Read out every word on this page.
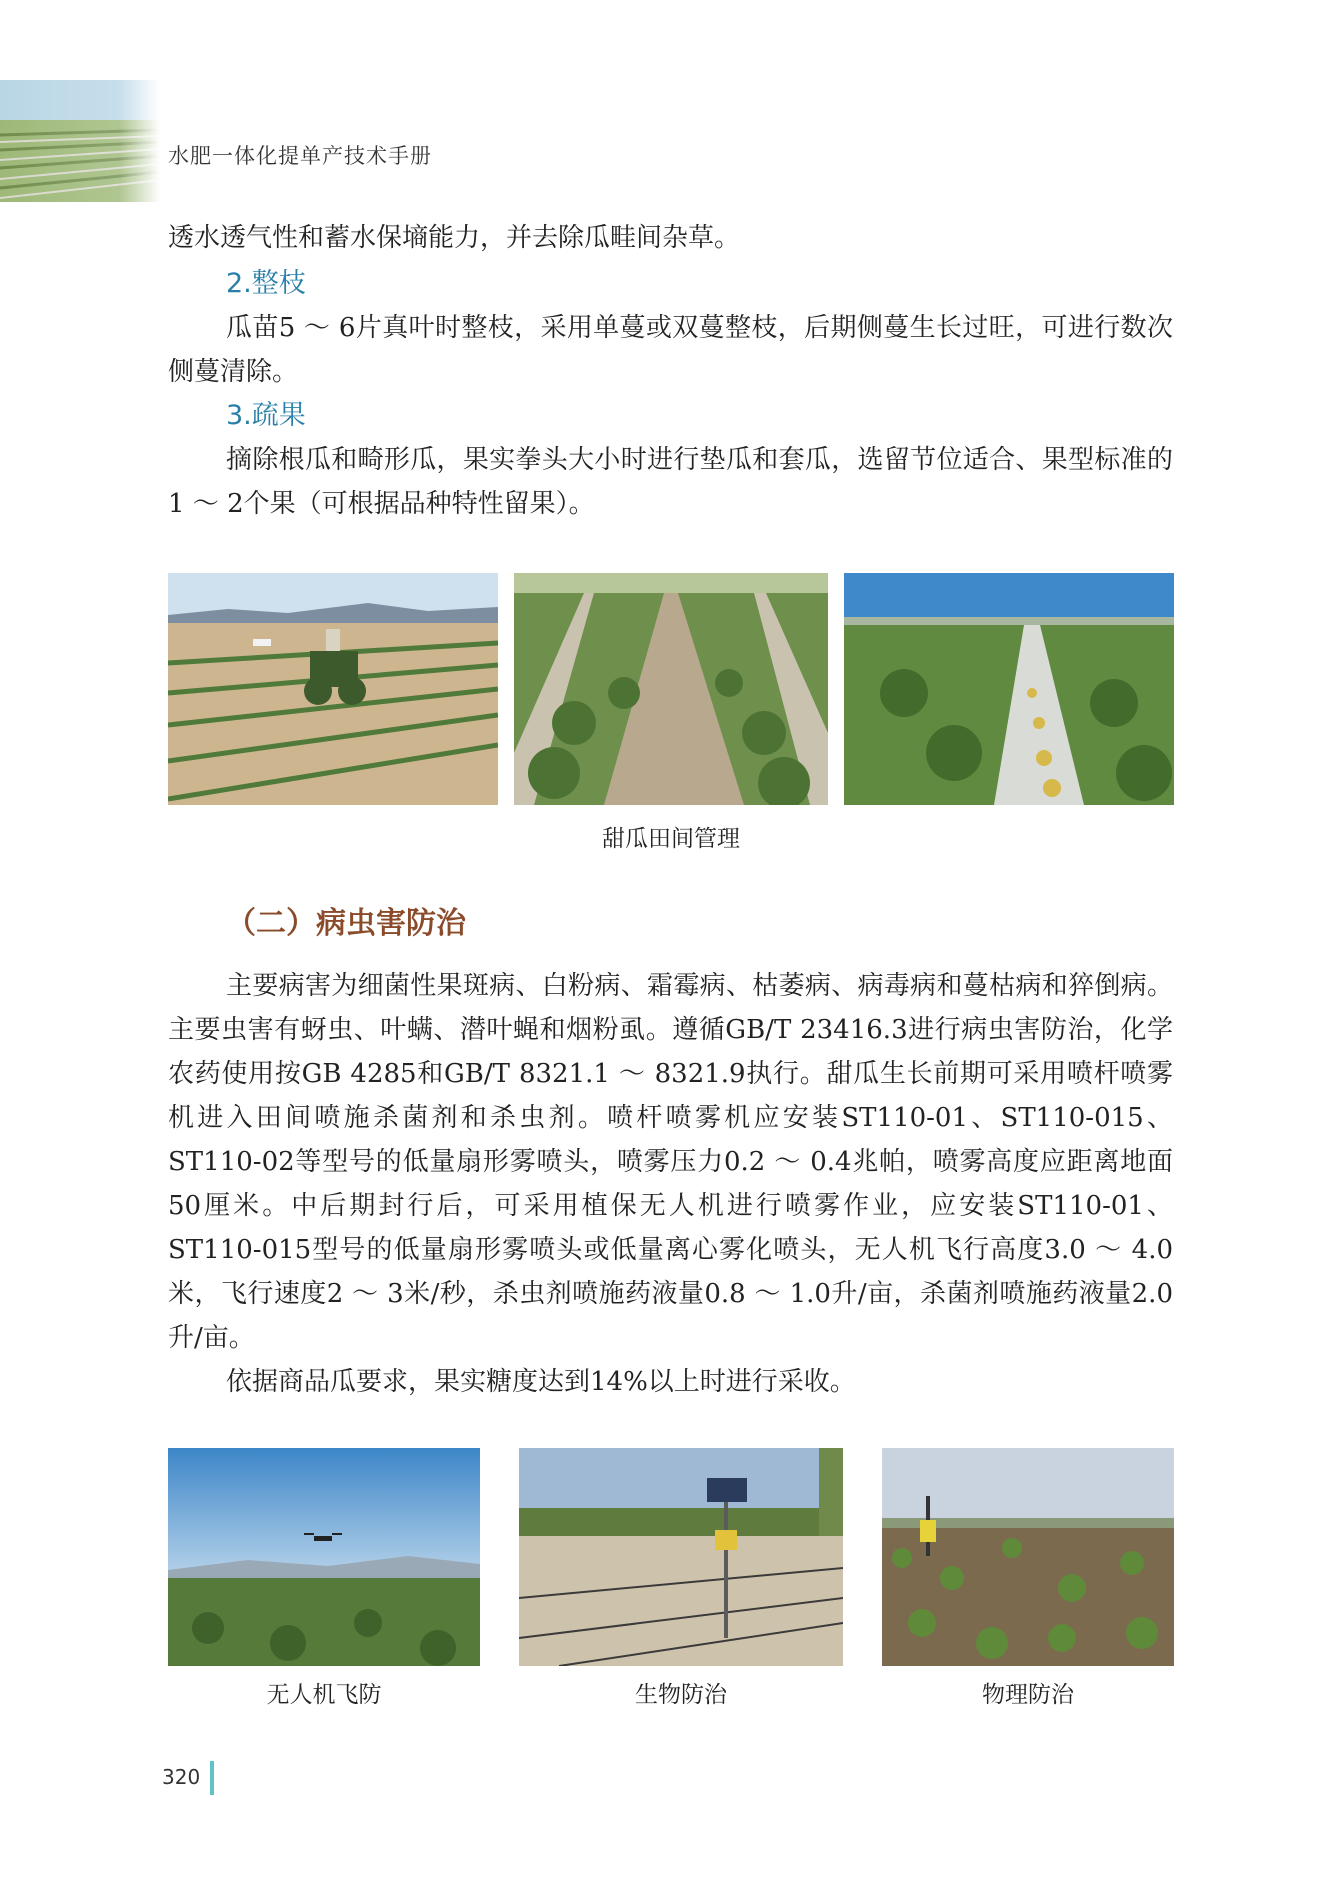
水肥一体化提单产技术手册

透水透气性和蓄水保墒能力，并去除瓜畦间杂草。

2.整枝

瓜苗5 ～ 6片真叶时整枝，采用单蔓或双蔓整枝，后期侧蔓生长过旺，可进行数次侧蔓清除。

3.疏果

摘除根瓜和畸形瓜，果实拳头大小时进行垫瓜和套瓜，选留节位适合、果型标准的1 ～ 2个果（可根据品种特性留果）。

甜瓜田间管理
（二）病虫害防治

主要病害为细菌性果斑病、白粉病、霜霉病、枯萎病、病毒病和蔓枯病和猝倒病。主要虫害有蚜虫、叶螨、潜叶蝇和烟粉虱。遵循GB/T 23416.3进行病虫害防治，化学农药使用按GB 4285和GB/T 8321.1 ～ 8321.9执行。甜瓜生长前期可采用喷杆喷雾机进入田间喷施杀菌剂和杀虫剂。喷杆喷雾机应安装ST110-01、ST110-015、ST110-02等型号的低量扇形雾喷头，喷雾压力0.2 ～ 0.4兆帕，喷雾高度应距离地面50厘米。中后期封行后，可采用植保无人机进行喷雾作业，应安装ST110-01、ST110-015型号的低量扇形雾喷头或低量离心雾化喷头，无人机飞行高度3.0 ～ 4.0米，飞行速度2 ～ 3米/秒，杀虫剂喷施药液量0.8 ～ 1.0升/亩，杀菌剂喷施药液量2.0升/亩。

依据商品瓜要求，果实糖度达到14%以上时进行采收。

无人机飞防	生物防治	物理防治
320
